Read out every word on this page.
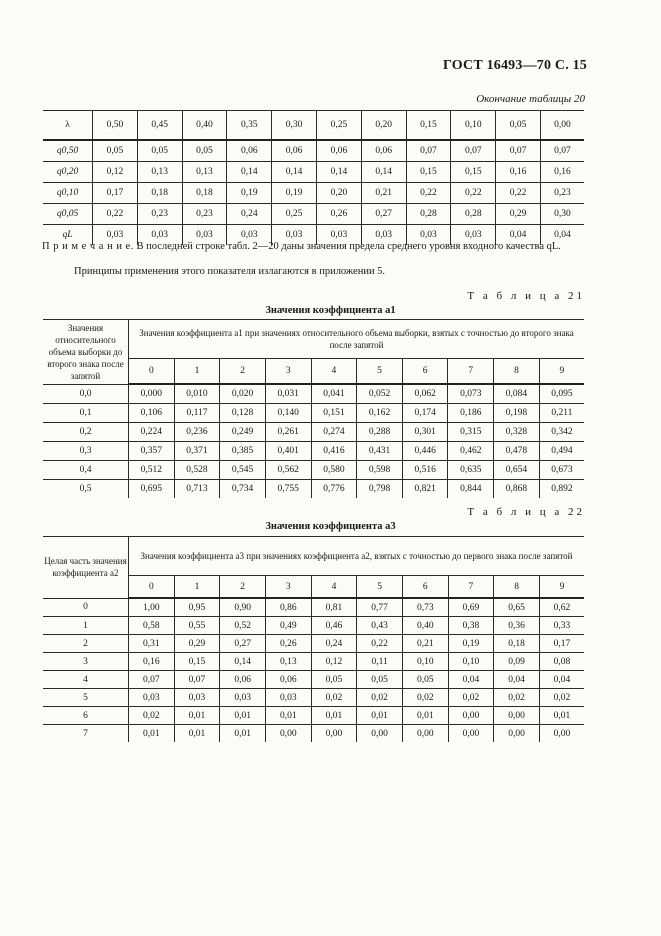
ГОСТ 16493—70 С. 15
Окончание таблицы 20
λ	0,50	0,45	0,40	0,35	0,30	0,25	0,20	0,15	0,10	0,05	0,00
q0,50	0,05	0,05	0,05	0,06	0,06	0,06	0,06	0,07	0,07	0,07	0,07
q0,20	0,12	0,13	0,13	0,14	0,14	0,14	0,14	0,15	0,15	0,16	0,16
q0,10	0,17	0,18	0,18	0,19	0,19	0,20	0,21	0,22	0,22	0,22	0,23
q0,05	0,22	0,23	0,23	0,24	0,25	0,26	0,27	0,28	0,28	0,29	0,30
qL	0,03	0,03	0,03	0,03	0,03	0,03	0,03	0,03	0,03	0,04	0,04
П р и м е ч а н и е. В последней строке табл. 2—20 даны значения предела среднего уровня входного качества qL.
Принципы применения этого показателя излагаются в приложении 5.
Т а б л и ц а 21
Значения коэффициента a1
Значения относительного объема выборки до второго знака после запятой	Значения коэффициента a1 при значениях относительного объема выборки, взятых с точностью до второго знака после запятой									
	0	1	2	3	4	5	6	7	8	9
0,0	0,000	0,010	0,020	0,031	0,041	0,052	0,062	0,073	0,084	0,095
0,1	0,106	0,117	0,128	0,140	0,151	0,162	0,174	0,186	0,198	0,211
0,2	0,224	0,236	0,249	0,261	0,274	0,288	0,301	0,315	0,328	0,342
0,3	0,357	0,371	0,385	0,401	0,416	0,431	0,446	0,462	0,478	0,494
0,4	0,512	0,528	0,545	0,562	0,580	0,598	0,516	0,635	0,654	0,673
0,5	0,695	0,713	0,734	0,755	0,776	0,798	0,821	0,844	0,868	0,892
Т а б л и ц а 22
Значения коэффициента a3
Целая часть значения коэффициента a2	Значения коэффициента a3 при значениях коэффициента a2, взятых с точностью до первого знака после запятой									
	0	1	2	3	4	5	6	7	8	9
0	1,00	0,95	0,90	0,86	0,81	0,77	0,73	0,69	0,65	0,62
1	0,58	0,55	0,52	0,49	0,46	0,43	0,40	0,38	0,36	0,33
2	0,31	0,29	0,27	0,26	0,24	0,22	0,21	0,19	0,18	0,17
3	0,16	0,15	0,14	0,13	0,12	0,11	0,10	0,10	0,09	0,08
4	0,07	0,07	0,06	0,06	0,05	0,05	0,05	0,04	0,04	0,04
5	0,03	0,03	0,03	0,03	0,02	0,02	0,02	0,02	0,02	0,02
6	0,02	0,01	0,01	0,01	0,01	0,01	0,01	0,00	0,00	0,01
7	0,01	0,01	0,01	0,00	0,00	0,00	0,00	0,00	0,00	0,00
